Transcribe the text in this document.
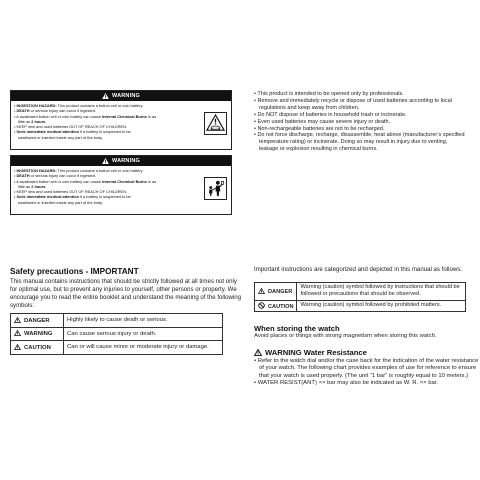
WARNING
• INGESTION HAZARD: This product contains a button cell or coin battery.
• DEATH or serious injury can occur if ingested.
• A swallowed button cell or coin battery can cause Internal Chemical Burns in as
little as 2 hours.
• KEEP new and used batteries OUT OF REACH OF CHILDREN.
• Seek immediate medical attention if a battery is suspected to be
swallowed or inserted inside any part of the body.
WARNING
• INGESTION HAZARD: This product contains a button cell or coin battery.
• DEATH or serious injury can occur if ingested.
• A swallowed button cell or coin battery can cause Internal Chemical Burns in as
little as 2 hours.
• KEEP new and used batteries OUT OF REACH OF CHILDREN.
• Seek immediate medical attention if a battery is suspected to be
swallowed or inserted inside any part of the body.
• This product is intended to be opened only by professionals.
• Remove and immediately recycle or dispose of used batteries according to local
regulations and keep away from children.
• Do NOT dispose of batteries in household trash or incinerate.
• Even used batteries may cause severe injury or death.
• Non-rechargeable batteries are not to be recharged.
• Do not force discharge, recharge, disassemble, heat above (manufacturer’s specified
temperature rating) or incinerate. Doing so may result in injury due to venting,
leakage or explosion resulting in chemical burns.
Safety precautions - IMPORTANT
This manual contains instructions that should be strictly followed at all times not only
for optimal use, but to prevent any injuries to yourself, other persons or property. We
encourage you to read the entire booklet and understand the meaning of the following
symbols:
DANGER	Highly likely to cause death or serious.
WARNING	Can cause serious injury or death.
CAUTION	Can or will cause minor or moderate injury or damage.
Important instructions are categorized and depicted in this manual as follows:
DANGER	Warning (caution) symbol followed by instructions that should be
followed or precautions that should be observed.

CAUTION	Warning (caution) symbol followed by prohibited matters.
When storing the watch
Avoid places or things with strong magnetism when storing this watch.
WARNING Water Resistance
• Refer to the watch dial and/or the case back for the indication of the water resistance
of your watch. The following chart provides examples of use for reference to ensure
that your watch is used properly. (The unit “1 bar” is roughly equal to 10 meters.)
• WATER RESIST(ANT) ×× bar may also be indicated as W. R. ×× bar.
